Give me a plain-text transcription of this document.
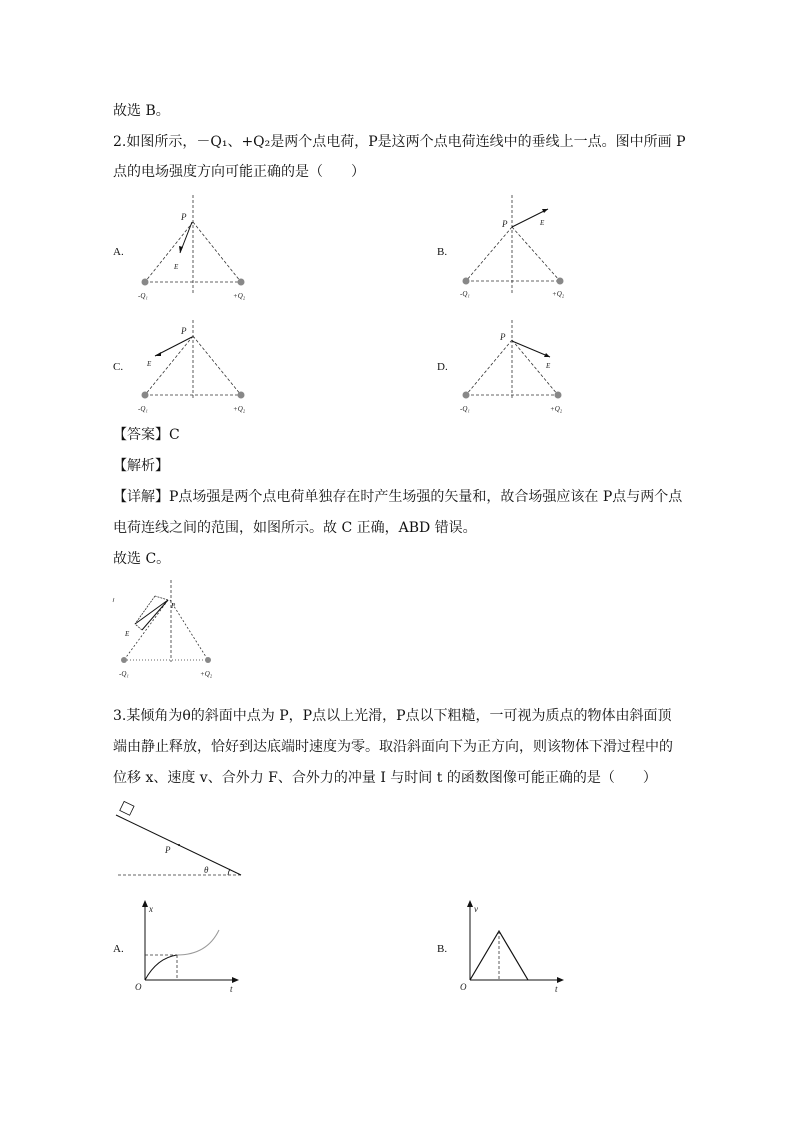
故选 B。
2.如图所示，－Q₁、+Q₂是两个点电荷，P是这两个点电荷连线中的垂线上一点。图中所画 P
点的电场强度方向可能正确的是（　　）
A.	B.
C.	D.
P
E
-Q₁	+Q₂
P	E
-Q₁	+Q₂
P
E
-Q₁	+Q₂
P
E
-Q₁	+Q₂
【答案】C
【解析】
【详解】P点场强是两个点电荷单独存在时产生场强的矢量和，故合场强应该在 P点与两个点
电荷连线之间的范围，如图所示。故 C 正确，ABD 错误。
故选 C。
P
E
-Q₁	+Q₂
3.某倾角为θ的斜面中点为 P，P点以上光滑，P点以下粗糙，一可视为质点的物体由斜面顶
端由静止释放，恰好到达底端时速度为零。取沿斜面向下为正方向，则该物体下滑过程中的
位移 x、速度 v、合外力 F、合外力的冲量 I 与时间 t 的函数图像可能正确的是（　　）
P
θ
A.	B.
x
t
O
v
t
O
